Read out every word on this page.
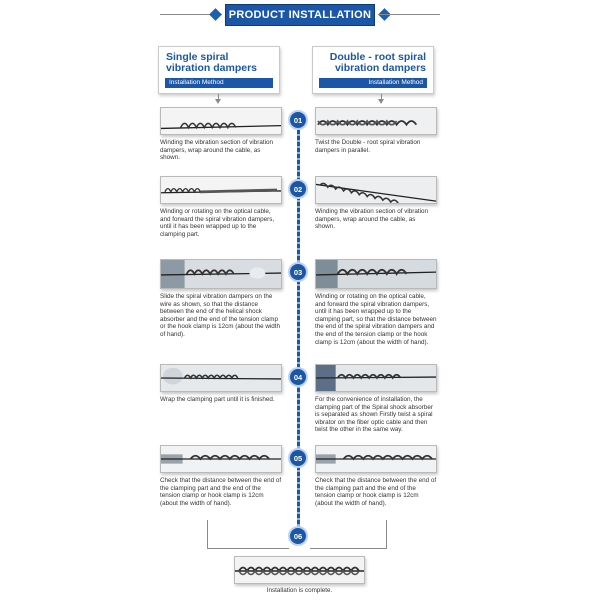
PRODUCT INSTALLATION
Single spiral
vibration dampers
Installation Method
Double - root spiral
vibration dampers
Installation Method
01
02
03
04
05
06
Winding the vibration section of vibration dampers, wrap around the cable, as shown.
Twist the Double - root spiral vibration dampers in parallel.
Winding or rotating on the optical cable, and forward the spiral vibration dampers, until it has been wrapped up to the clamping part.
Winding the vibration section of vibration dampers, wrap around the cable, as shown.
Slide the spiral vibration dampers on the wire as shown, so that the distance between the end of the helical shock absorber and the end of the tension clamp or the hook clamp is 12cm (about the width of hand).
Winding or rotating on the optical cable, and forward the spiral vibration dampers, until it has been wrapped up to the clamping part, so that the distance between the end of the spiral vibration dampers and the end of the tension clamp or the hook clamp is 12cm (about the width of hand).
Wrap the clamping part until it is finished.	For the convenience of installation, the clamping part of the Spiral shock absorber is separated as shown Firstly twist a spiral vibrator on the fiber optic cable and then twist the other in the same way.
Check that the distance between the end of the clamping part and the end of the tension clamp or hook clamp is 12cm (about the width of hand).
Check that the distance between the end of the clamping part and the end of the tension clamp or hook clamp is 12cm (about the width of hand).
Installation is complete.
